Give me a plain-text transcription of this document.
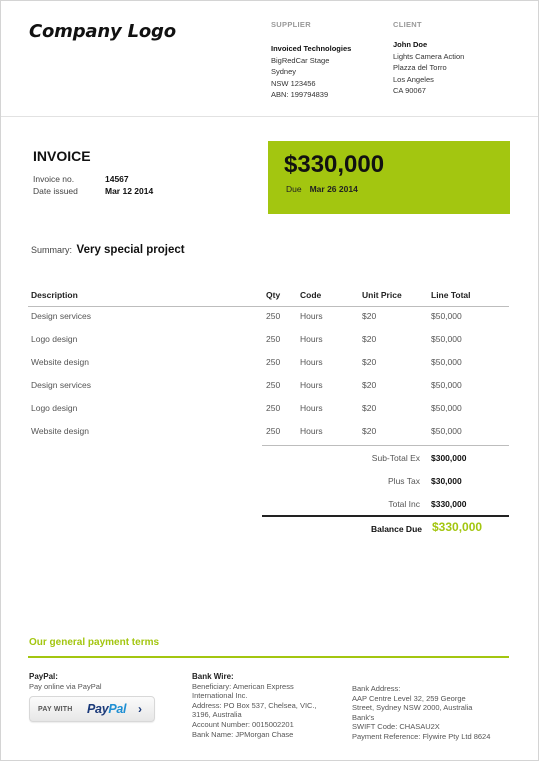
Company Logo	SUPPLIER
Invoiced Technologies
BigRedCar Stage
Sydney
NSW 123456
ABN: 199794839
CLIENT
John Doe
Lights Camera Action
Plazza del Torro
Los Angeles
CA 90067
INVOICE
Invoice no.	14567
Date issued	Mar 12 2014
$330,000
Due Mar 26 2014
Summary: Very special project
Description	Qty Code	Unit Price	Line Total
Design services	250 Hours	$20	$50,000
Logo design	250 Hours	$20	$50,000
Website design	250 Hours	$20	$50,000
Design services	250 Hours	$20	$50,000
Logo design	250 Hours	$20	$50,000
Website design	250 Hours	$20	$50,000
Sub-Total Ex $300,000
Plus Tax $30,000
Total Inc $330,000
Balance Due $330,000
Our general payment terms
PayPal:
Pay online via PayPal
PAY WITH PayPal ›
Bank Wire:
Beneficiary: American Express
International Inc.
Address: PO Box 537, Chelsea, VIC.,
3196, Australia
Account Number: 0015002201
Bank Name: JPMorgan Chase
Bank Address:
AAP Centre Level 32, 259 George
Street, Sydney NSW 2000, Australia
Bank's
SWIFT Code: CHASAU2X
Payment Reference: Flywire Pty Ltd 8624
